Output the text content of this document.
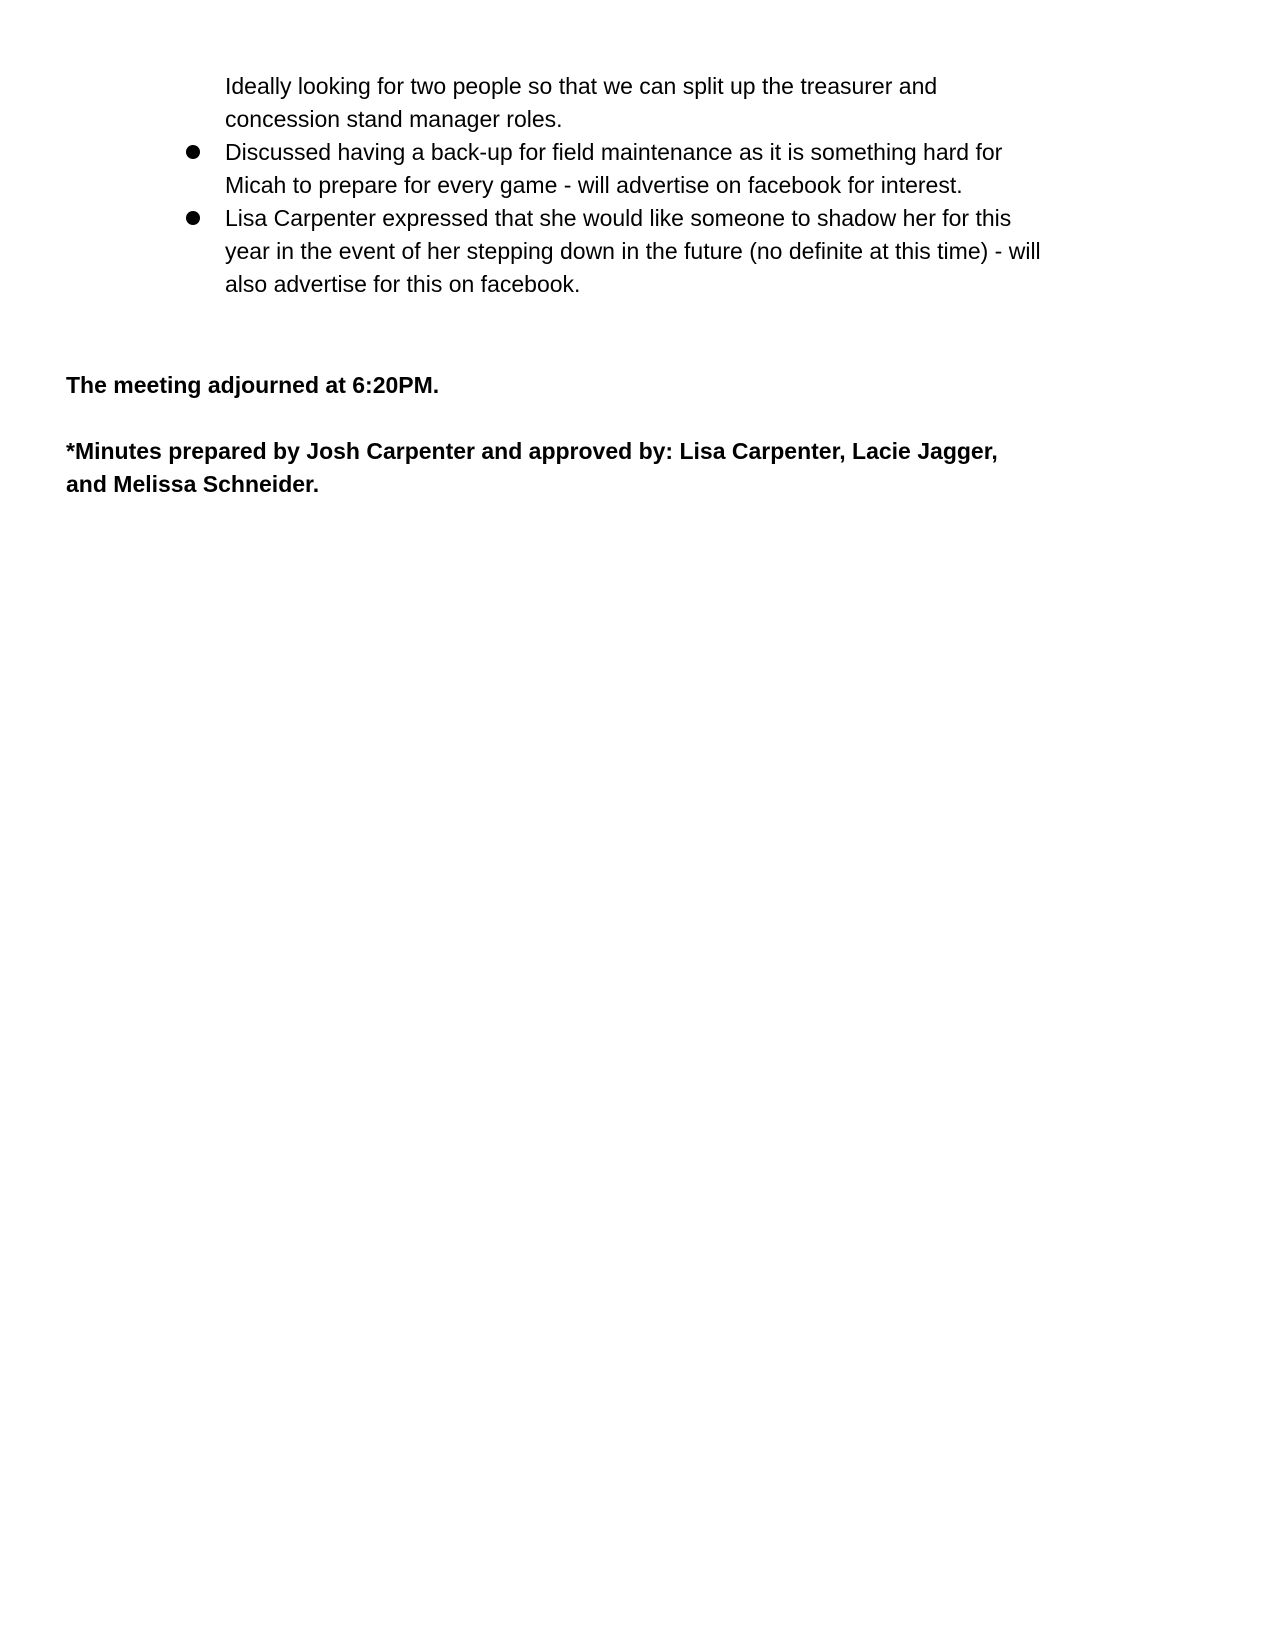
Ideally looking for two people so that we can split up the treasurer and
concession stand manager roles.
Discussed having a back-up for field maintenance as it is something hard for
Micah to prepare for every game - will advertise on facebook for interest.
Lisa Carpenter expressed that she would like someone to shadow her for this
year in the event of her stepping down in the future (no definite at this time) - will
also advertise for this on facebook.

The meeting adjourned at 6:20PM.

*Minutes prepared by Josh Carpenter and approved by: Lisa Carpenter, Lacie Jagger,
and Melissa Schneider.
